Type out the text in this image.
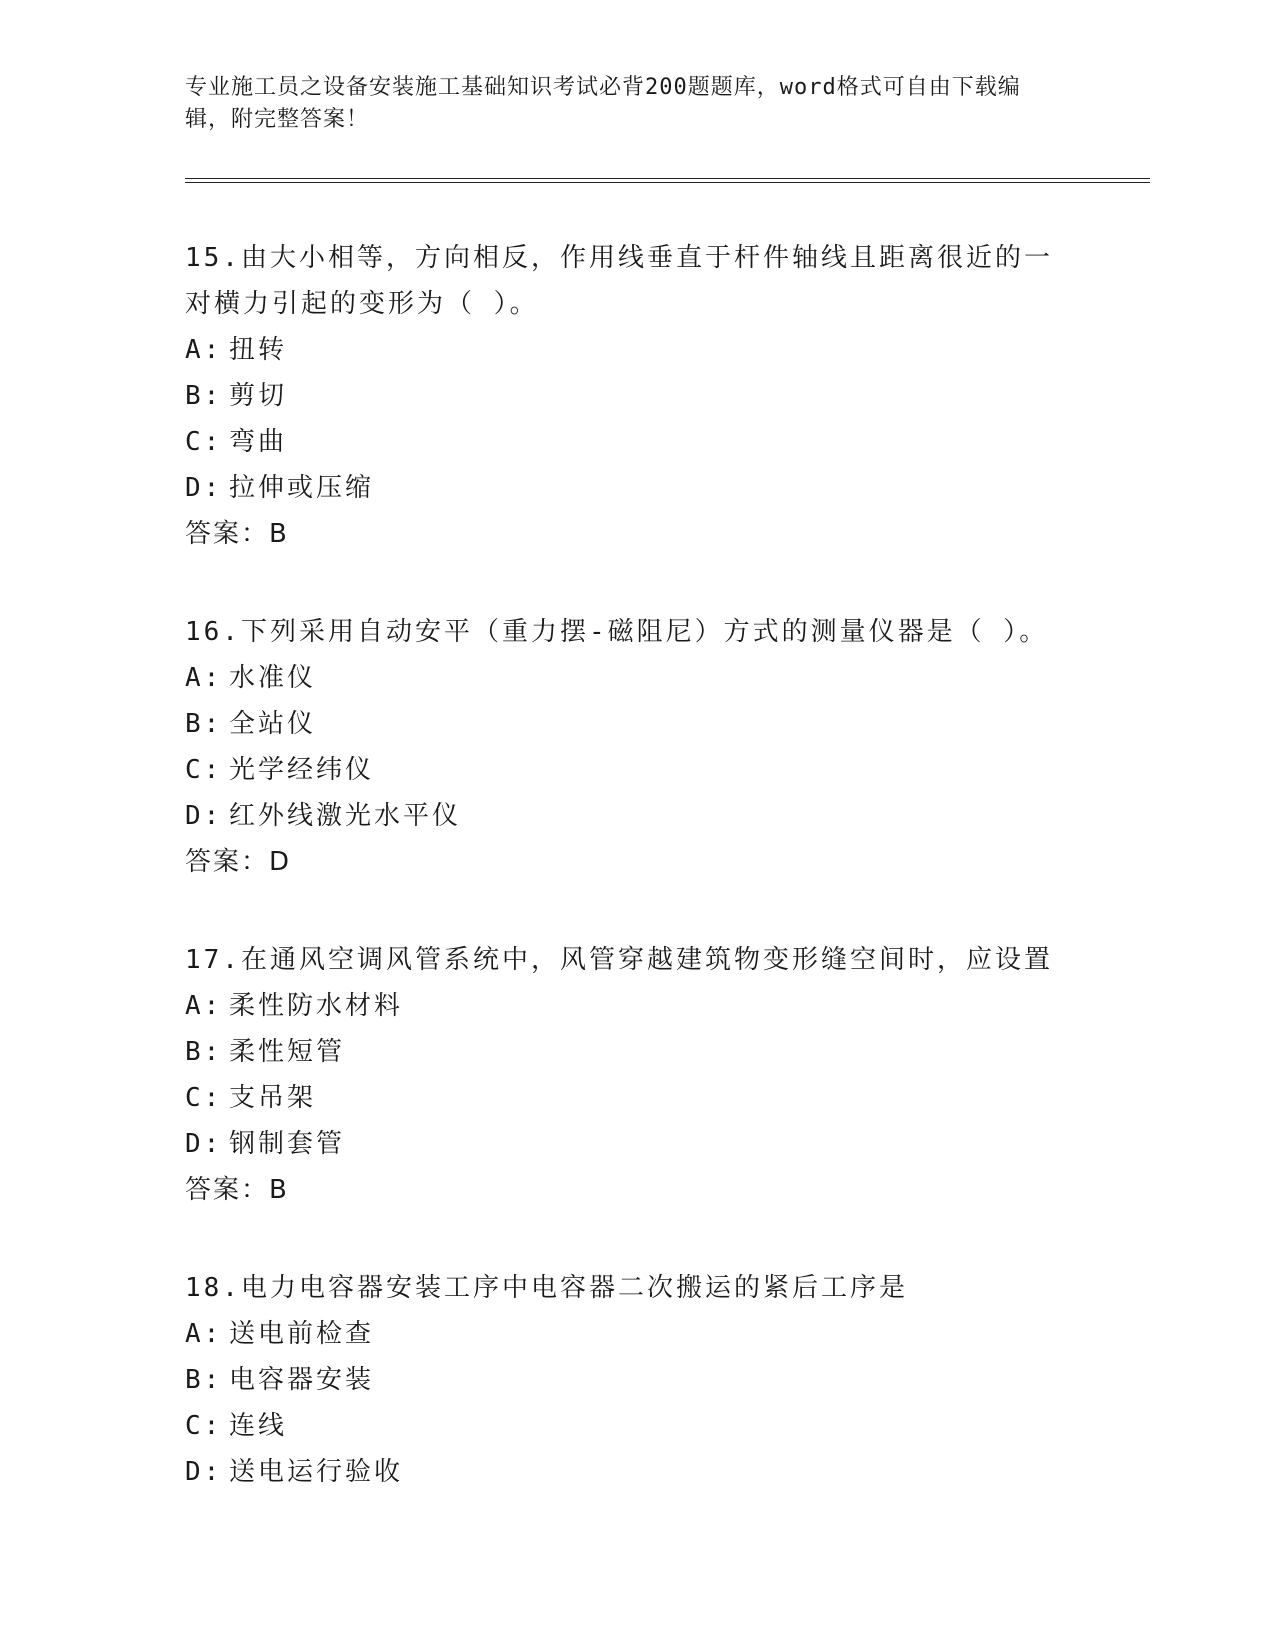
专业施工员之设备安装施工基础知识考试必背200题题库，word格式可自由下载编辑，附完整答案！
15.由大小相等，方向相反，作用线垂直于杆件轴线且距离很近的一对横力引起的变形为（ ）。
A: 扭转
B: 剪切
C: 弯曲
D: 拉伸或压缩
答案：B
16.下列采用自动安平（重力摆-磁阻尼）方式的测量仪器是（ ）。
A: 水准仪
B: 全站仪
C: 光学经纬仪
D: 红外线激光水平仪
答案：D
17.在通风空调风管系统中，风管穿越建筑物变形缝空间时，应设置
A: 柔性防水材料
B: 柔性短管
C: 支吊架
D: 钢制套管
答案：B
18.电力电容器安装工序中电容器二次搬运的紧后工序是
A: 送电前检查
B: 电容器安装
C: 连线
D: 送电运行验收
